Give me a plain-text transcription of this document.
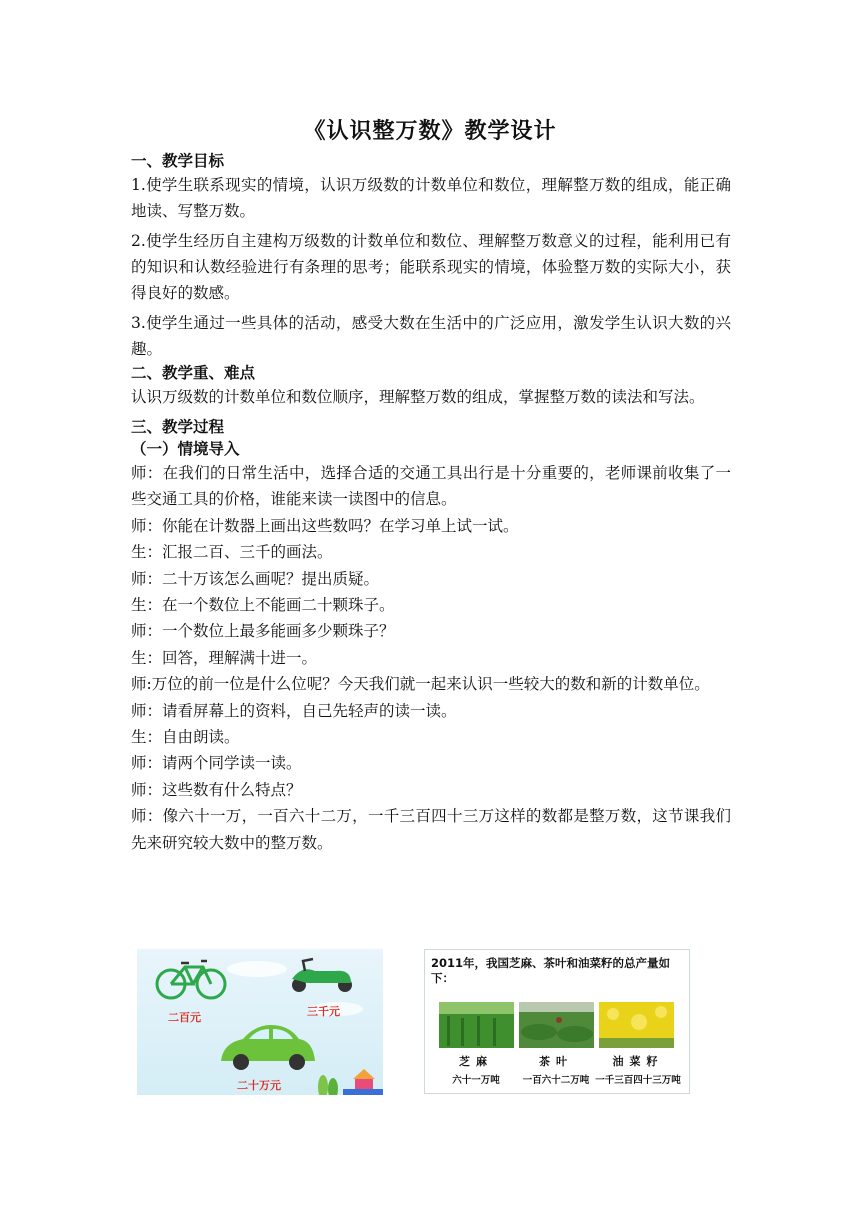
《认识整万数》教学设计
一、教学目标
1.使学生联系现实的情境，认识万级数的计数单位和数位，理解整万数的组成，能正确地读、写整万数。
2.使学生经历自主建构万级数的计数单位和数位、理解整万数意义的过程，能利用已有的知识和认数经验进行有条理的思考；能联系现实的情境，体验整万数的实际大小，获得良好的数感。
3.使学生通过一些具体的活动，感受大数在生活中的广泛应用，激发学生认识大数的兴趣。
二、教学重、难点
认识万级数的计数单位和数位顺序，理解整万数的组成，掌握整万数的读法和写法。
三、教学过程
（一）情境导入
师：在我们的日常生活中，选择合适的交通工具出行是十分重要的，老师课前收集了一些交通工具的价格，谁能来读一读图中的信息。
师：你能在计数器上画出这些数吗？在学习单上试一试。
生：汇报二百、三千的画法。
师：二十万该怎么画呢？提出质疑。
生：在一个数位上不能画二十颗珠子。
师：一个数位上最多能画多少颗珠子？
生：回答，理解满十进一。
师:万位的前一位是什么位呢？今天我们就一起来认识一些较大的数和新的计数单位。
师：请看屏幕上的资料，自己先轻声的读一读。
生：自由朗读。
师：请两个同学读一读。
师：这些数有什么特点？
师：像六十一万，一百六十二万，一千三百四十三万这样的数都是整万数，这节课我们先来研究较大数中的整万数。
二百元	三千元
二十万元
2011年，我国芝麻、茶叶和油菜籽的总产量如下：
芝麻
六十一万吨
茶叶
一百六十二万吨
油菜籽
一千三百四十三万吨
